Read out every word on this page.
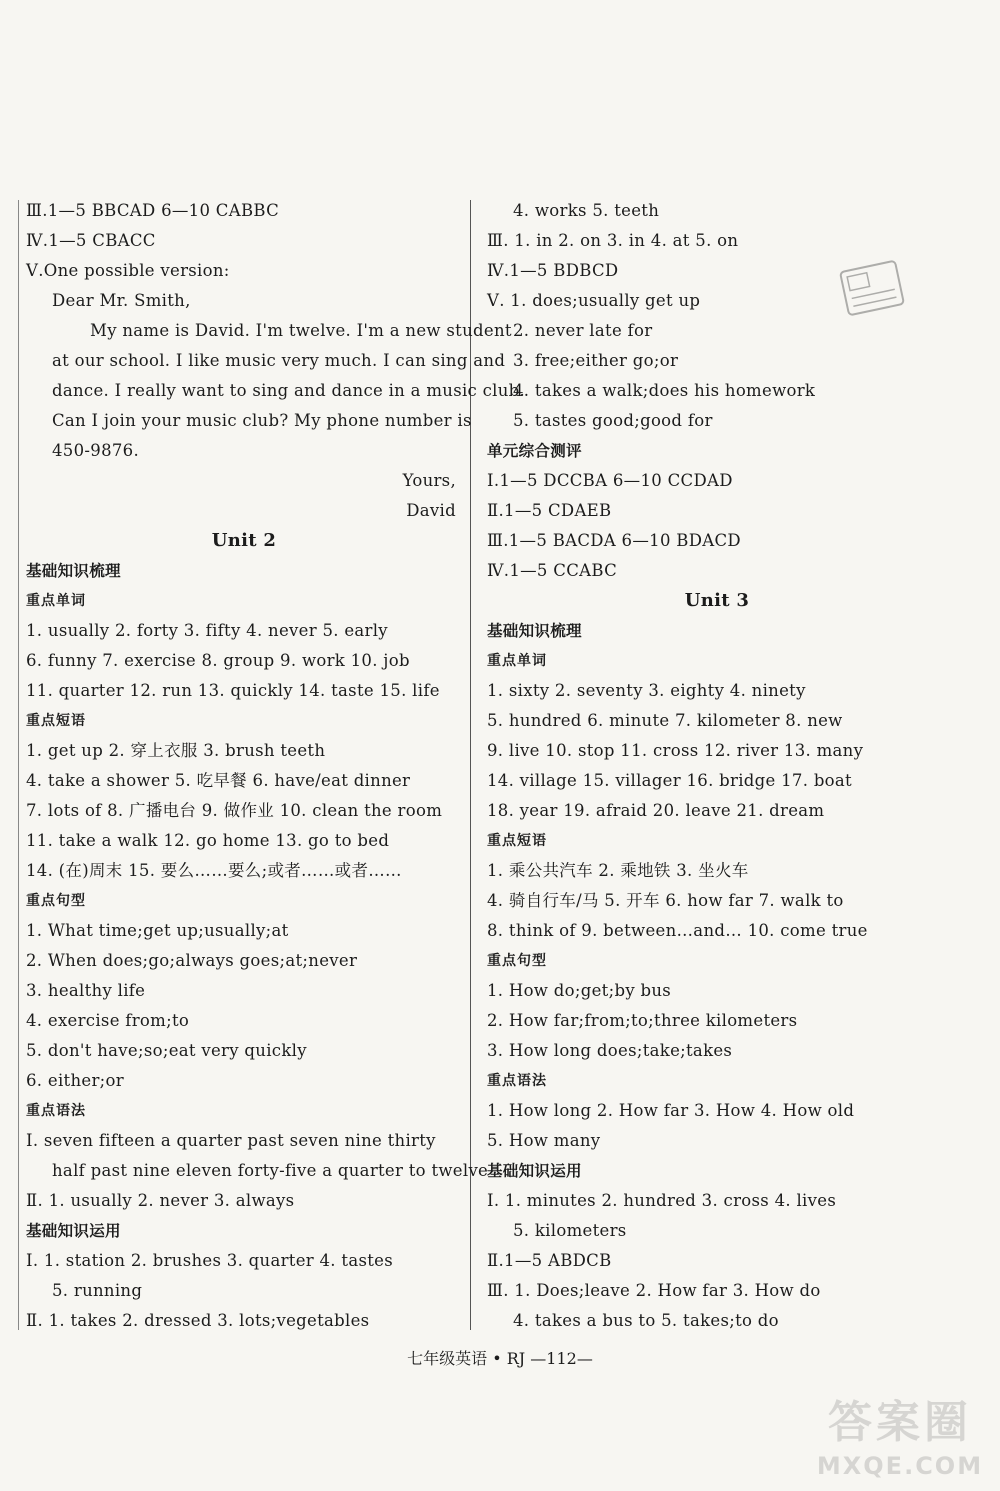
Ⅲ.1—5 BBCAD 6—10 CABBC
Ⅳ.1—5 CBACC
Ⅴ.One possible version:
Dear Mr. Smith,
My name is David. I'm twelve. I'm a new student
at our school. I like music very much. I can sing and
dance. I really want to sing and dance in a music club.
Can I join your music club? My phone number is
450-9876.
Yours,
David
Unit 2
基础知识梳理
重点单词
1. usually 2. forty 3. fifty 4. never 5. early
6. funny 7. exercise 8. group 9. work 10. job
11. quarter 12. run 13. quickly 14. taste 15. life
重点短语
1. get up 2. 穿上衣服 3. brush teeth
4. take a shower 5. 吃早餐 6. have/eat dinner
7. lots of 8. 广播电台 9. 做作业 10. clean the room
11. take a walk 12. go home 13. go to bed
14. (在)周末 15. 要么……要么;或者……或者……
重点句型
1. What time;get up;usually;at
2. When does;go;always goes;at;never
3. healthy life
4. exercise from;to
5. don't have;so;eat very quickly
6. either;or
重点语法
Ⅰ. seven fifteen a quarter past seven nine thirty
half past nine eleven forty-five a quarter to twelve
Ⅱ. 1. usually 2. never 3. always
基础知识运用
Ⅰ. 1. station 2. brushes 3. quarter 4. tastes
5. running
Ⅱ. 1. takes 2. dressed 3. lots;vegetables
4. works 5. teeth
Ⅲ. 1. in 2. on 3. in 4. at 5. on
Ⅳ.1—5 BDBCD
Ⅴ. 1. does;usually get up
2. never late for
3. free;either go;or
4. takes a walk;does his homework
5. tastes good;good for
单元综合测评
Ⅰ.1—5 DCCBA 6—10 CCDAD
Ⅱ.1—5 CDAEB
Ⅲ.1—5 BACDA 6—10 BDACD
Ⅳ.1—5 CCABC
Unit 3
基础知识梳理
重点单词
1. sixty 2. seventy 3. eighty 4. ninety
5. hundred 6. minute 7. kilometer 8. new
9. live 10. stop 11. cross 12. river 13. many
14. village 15. villager 16. bridge 17. boat
18. year 19. afraid 20. leave 21. dream
重点短语
1. 乘公共汽车 2. 乘地铁 3. 坐火车
4. 骑自行车/马 5. 开车 6. how far 7. walk to
8. think of 9. between…and… 10. come true
重点句型
1. How do;get;by bus
2. How far;from;to;three kilometers
3. How long does;take;takes
重点语法
1. How long 2. How far 3. How 4. How old
5. How many
基础知识运用
Ⅰ. 1. minutes 2. hundred 3. cross 4. lives
5. kilometers
Ⅱ.1—5 ABDCB
Ⅲ. 1. Does;leave 2. How far 3. How do
4. takes a bus to 5. takes;to do
七年级英语 • RJ —112—
答案圈
MXQE.COM
